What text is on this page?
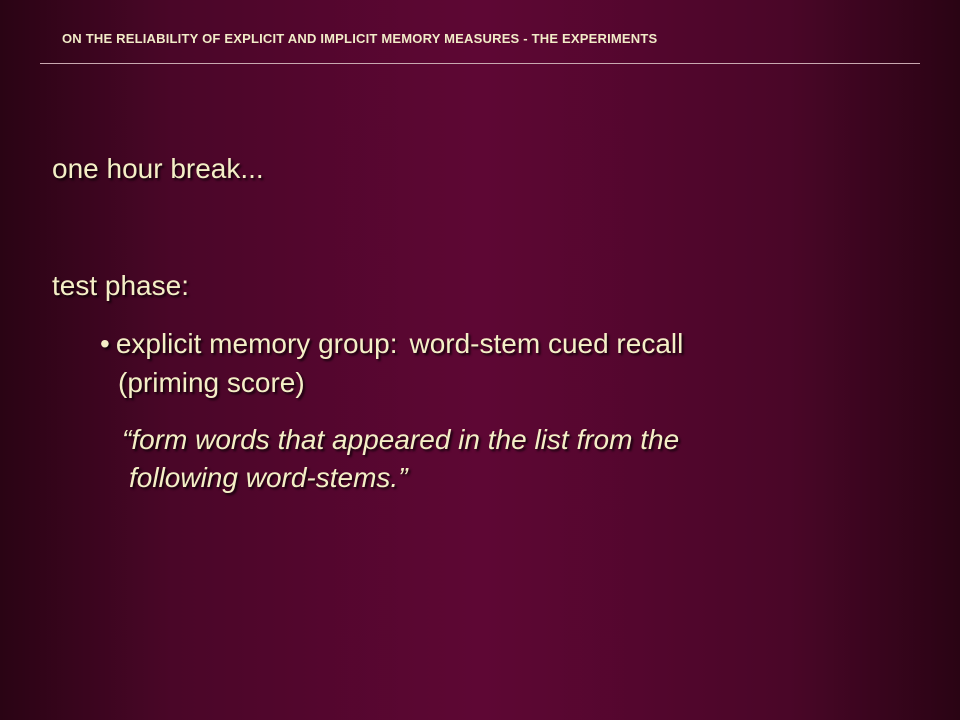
ON THE RELIABILITY OF EXPLICIT AND IMPLICIT MEMORY MEASURES - THE EXPERIMENTS
one hour break...
test phase:
• explicit memory group: word-stem cued recall
(priming score)
“form words that appeared in the list from the
following word-stems.”
